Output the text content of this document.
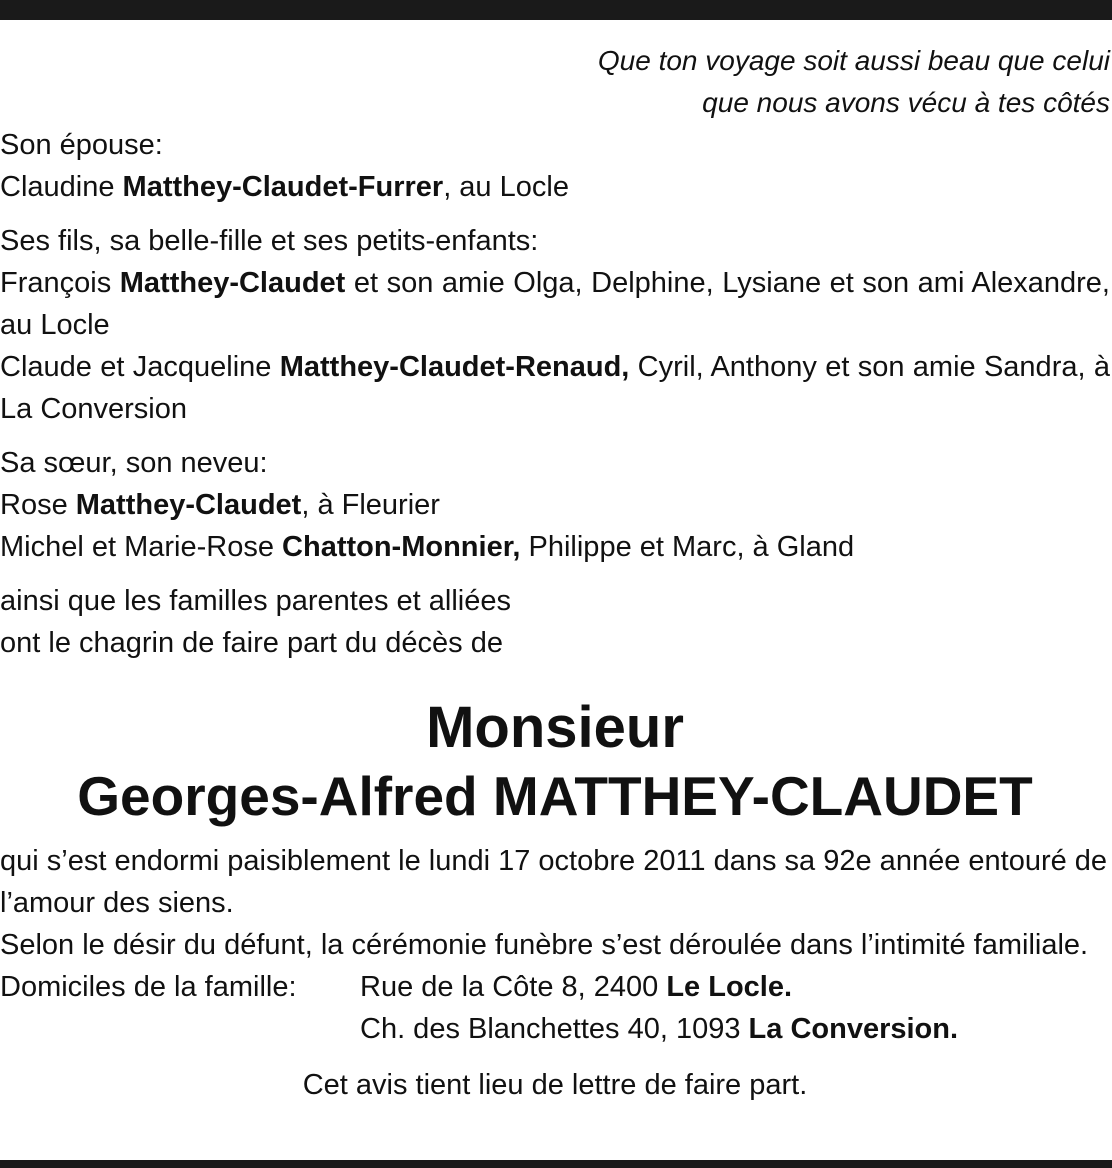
Que ton voyage soit aussi beau que celui

que nous avons vécu à tes côtés

Son épouse:

Claudine Matthey-Claudet-Furrer, au Locle

Ses fils, sa belle-fille et ses petits-enfants:

François Matthey-Claudet et son amie Olga, Delphine, Lysiane et son ami Alexandre, au Locle

Claude et Jacqueline Matthey-Claudet-Renaud, Cyril, Anthony et son amie Sandra, à La Conversion

Sa sœur, son neveu:

Rose Matthey-Claudet, à Fleurier

Michel et Marie-Rose Chatton-Monnier, Philippe et Marc, à Gland

ainsi que les familles parentes et alliées

ont le chagrin de faire part du décès de

Monsieur
Georges-Alfred MATTHEY-CLAUDET

qui s’est endormi paisiblement le lundi 17 octobre 2011 dans sa 92e année entouré de l’amour des siens.

Selon le désir du défunt, la cérémonie funèbre s’est déroulée dans l’intimité familiale.

Domiciles de la famille:	Rue de la Côte 8, 2400 Le Locle.
Ch. des Blanchettes 40, 1093 La Conversion.

Cet avis tient lieu de lettre de faire part.
